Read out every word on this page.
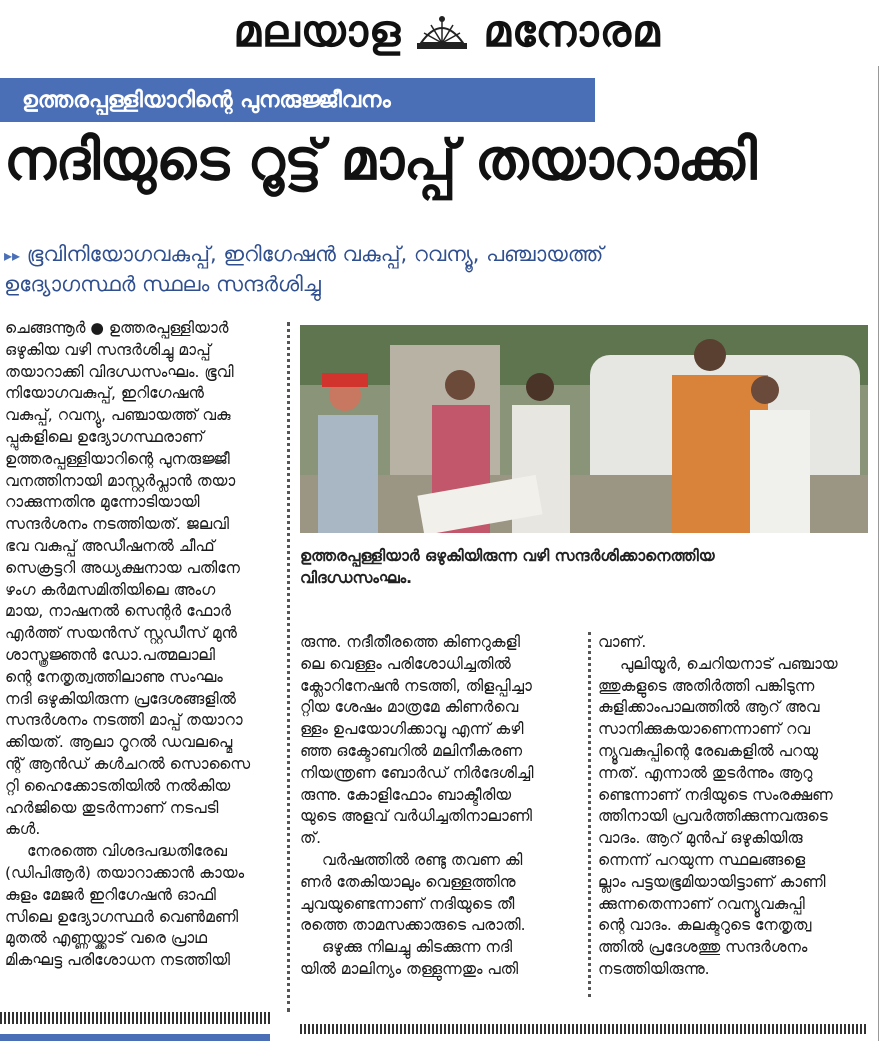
മലയാള മനോരമ
ഉത്തരപ്പള്ളിയാറിന്റെ പുനരുജ്ജീവനം
നദിയുടെ റൂട്ട് മാപ്പ് തയാറാക്കി
▸▸ ഭൂവിനിയോഗവകുപ്പ്, ഇറിഗേഷൻ വകുപ്പ്, റവന്യൂ, പഞ്ചായത്ത്
ഉദ്യോഗസ്ഥർ സ്ഥലം സന്ദർശിച്ചു
ചെങ്ങന്നൂർ ● ഉത്തരപ്പള്ളിയാർ
ഒഴുകിയ വഴി സന്ദർശിച്ചു മാപ്പ്
തയാറാക്കി വിദഗ്ധസംഘം. ഭൂവി
നിയോഗവകുപ്പ്, ഇറിഗേഷൻ
വകുപ്പ്, റവന്യു, പഞ്ചായത്ത് വകു
പ്പുകളിലെ ഉദ്യോഗസ്ഥരാണ്
ഉത്തരപ്പള്ളിയാറിന്റെ പുനരുജ്ജീ
വനത്തിനായി മാസ്റ്റർപ്ലാൻ തയാ
റാക്കുന്നതിനു മുന്നോടിയായി
സന്ദർശനം നടത്തിയത്. ജലവി
ഭവ വകുപ്പ് അഡീഷനൽ ചീഫ്
സെക്രട്ടറി അധ്യക്ഷനായ പതിനേ
ഴംഗ കർമസമിതിയിലെ അംഗ
മായ, നാഷനൽ സെന്റർ ഫോർ
എർത്ത് സയൻസ് സ്റ്റഡീസ് മുൻ
ശാസ്ത്രജ്ഞൻ ഡോ.പത്മലാലി
ന്റെ നേതൃത്വത്തിലാണു സംഘം
നദി ഒഴുകിയിരുന്ന പ്രദേശങ്ങളിൽ
സന്ദർശനം നടത്തി മാപ്പ് തയാറാ
ക്കിയത്. ആലാ റൂറൽ ഡവലപ്മെ
ന്റ് ആൻഡ് കൾചറൽ സൊസൈ
റ്റി ഹൈക്കോടതിയിൽ നൽകിയ
ഹർജിയെ തുടർന്നാണ് നടപടി
കൾ.
നേരത്തെ വിശദപദ്ധതിരേഖ
(ഡിപിആർ) തയാറാക്കാൻ കായം
കുളം മേജർ ഇറിഗേഷൻ ഓഫി
സിലെ ഉദ്യോഗസ്ഥർ വെൺമണി
മുതൽ എണ്ണയ്ക്കാട് വരെ പ്രാഥ
മികഘട്ട പരിശോധന നടത്തിയി
ഉത്തരപ്പള്ളിയാർ ഒഴുകിയിരുന്ന വഴി സന്ദർശിക്കാനെത്തിയ
വിദഗ്ധസംഘം.
രുന്നു. നദീതീരത്തെ കിണറുകളി
ലെ വെള്ളം പരിശോധിച്ചതിൽ
ക്ലോറിനേഷൻ നടത്തി, തിളപ്പിച്ചാ
റ്റിയ ശേഷം മാത്രമേ കിണർവെ
ള്ളം ഉപയോഗിക്കാവൂ എന്ന് കഴി
ഞ്ഞ ഒക്ടോബറിൽ മലിനീകരണ
നിയന്ത്രണ ബോർഡ് നിർദേശിച്ചി
രുന്നു. കോളിഫോം ബാക്ടീരിയ
യുടെ അളവ് വർധിച്ചതിനാലാണി
ത്.
വർഷത്തിൽ രണ്ടു തവണ കി
ണർ തേകിയാലും വെള്ളത്തിനു
ചുവയുണ്ടെന്നാണ് നദിയുടെ തീ
രത്തെ താമസക്കാരുടെ പരാതി.
ഒഴുക്കു നിലച്ചു കിടക്കുന്ന നദി
യിൽ മാലിന്യം തള്ളുന്നതും പതി
വാണ്.
പുലിയൂർ, ചെറിയനാട് പഞ്ചായ
ത്തുകളുടെ അതിർത്തി പങ്കിടുന്ന
കുളിക്കാംപാലത്തിൽ ആറ് അവ
സാനിക്കുകയാണെന്നാണ് റവ
ന്യൂവകുപ്പിന്റെ രേഖകളിൽ പറയു
ന്നത്. എന്നാൽ തുടർന്നും ആറു
ണ്ടെന്നാണ് നദിയുടെ സംരക്ഷണ
ത്തിനായി പ്രവർത്തിക്കുന്നവരുടെ
വാദം. ആറ് മുൻപ് ഒഴുകിയിരു
ന്നെന്ന് പറയുന്ന സ്ഥലങ്ങളെ
ല്ലാം പട്ടയഭൂമിയായിട്ടാണ് കാണി
ക്കുന്നതെന്നാണ് റവന്യൂവകുപ്പി
ന്റെ വാദം. കലക്ടറുടെ നേതൃത്വ
ത്തിൽ പ്രദേശത്തു സന്ദർശനം
നടത്തിയിരുന്നു.
